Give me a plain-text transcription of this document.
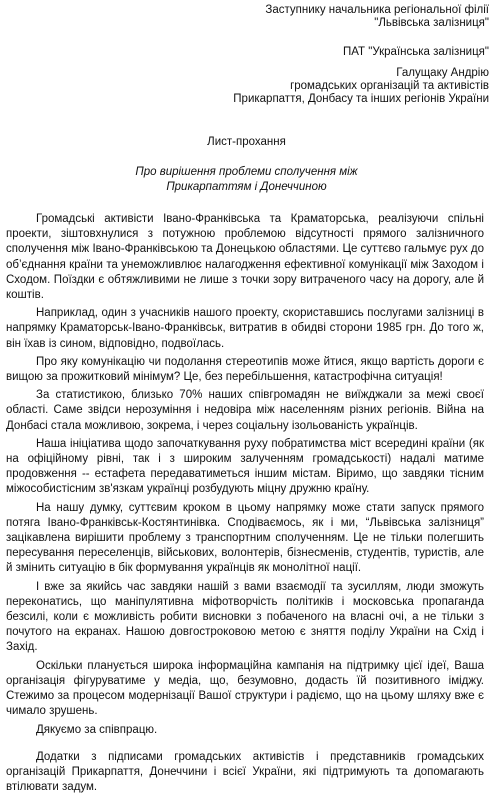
Заступнику начальника регіональної філії
"Львівська залізниця"
ПАТ "Українська залізниця"
Галущаку Андрію
громадських організацій та активістів
Прикарпаття, Донбасу та інших регіонів України
Лист-прохання
Про вирішення проблеми сполучення між
Прикарпаттям і Донеччиною

Громадські активісти Івано-Франківська та Краматорська, реалізуючи спільні проекти, зіштовхнулися з потужною проблемою відсутності прямого залізничного сполучення між Івано-Франківською та Донецькою областями. Це суттєво гальмує рух до об’єднання країни та унеможливлює налагодження ефективної комунікації між Заходом і Сходом. Поїздки є обтяжливими не лише з точки зору витраченого часу на дорогу, але й коштів.

Наприклад, один з учасників нашого проекту, скориставшись послугами залізниці в напрямку Краматорськ-Івано-Франківськ, витратив в обидві сторони 1985 грн. До того ж, він їхав із сином, відповідно, подвоїлась.

Про яку комунікацію чи подолання стереотипів може йтися, якщо вартість дороги є вищою за прожитковий мінімум? Це, без перебільшення, катастрофічна ситуація!

За статистикою, близько 70% наших співгромадян не виїжджали за межі своєї області. Саме звідси нерозуміння і недовіра між населенням різних регіонів. Війна на Донбасі стала можливою, зокрема, і через соціальну ізольованість українців.

Наша ініціатива щодо започаткування руху побратимства міст всередині країни (як на офіційному рівні, так і з широким залученням громадськості) надалі матиме продовження -- естафета передаватиметься іншим містам. Віримо, що завдяки тісним міжособистісним зв'язкам українці розбудують міцну дружню країну.

На нашу думку, суттєвим кроком в цьому напрямку може стати запуск прямого потяга Івано-Франківськ-Костянтинівка. Сподіваємось, як і ми, “Львівська залізниця” зацікавлена вирішити проблему з транспортним сполученням. Це не тільки полегшить пересування переселенців, військових, волонтерів, бізнесменів, студентів, туристів, але й змінить ситуацію в бік формування українців як монолітної нації.

І вже за якийсь час завдяки нашій з вами взаємодії та зусиллям, люди зможуть переконатись, що маніпулятивна міфотворчість політиків і московська пропаганда безсилі, коли є можливість робити висновки з побаченого на власні очі, а не тільки з почутого на екранах. Нашою довгостроковою метою є зняття поділу України на Схід і Захід.

Оскільки планується широка інформаційна кампанія на підтримку цієї ідеї, Ваша організація фігуруватиме у медіа, що, безумовно, додасть їй позитивного іміджу. Стежимо за процесом модернізації Вашої структури і радіємо, що на цьому шляху вже є чимало зрушень.

Дякуємо за співпрацю.

Додатки з підписами громадських активістів і представників громадських організацій Прикарпаття, Донеччини і всієї України, які підтримують та допомагають втілювати задум.
